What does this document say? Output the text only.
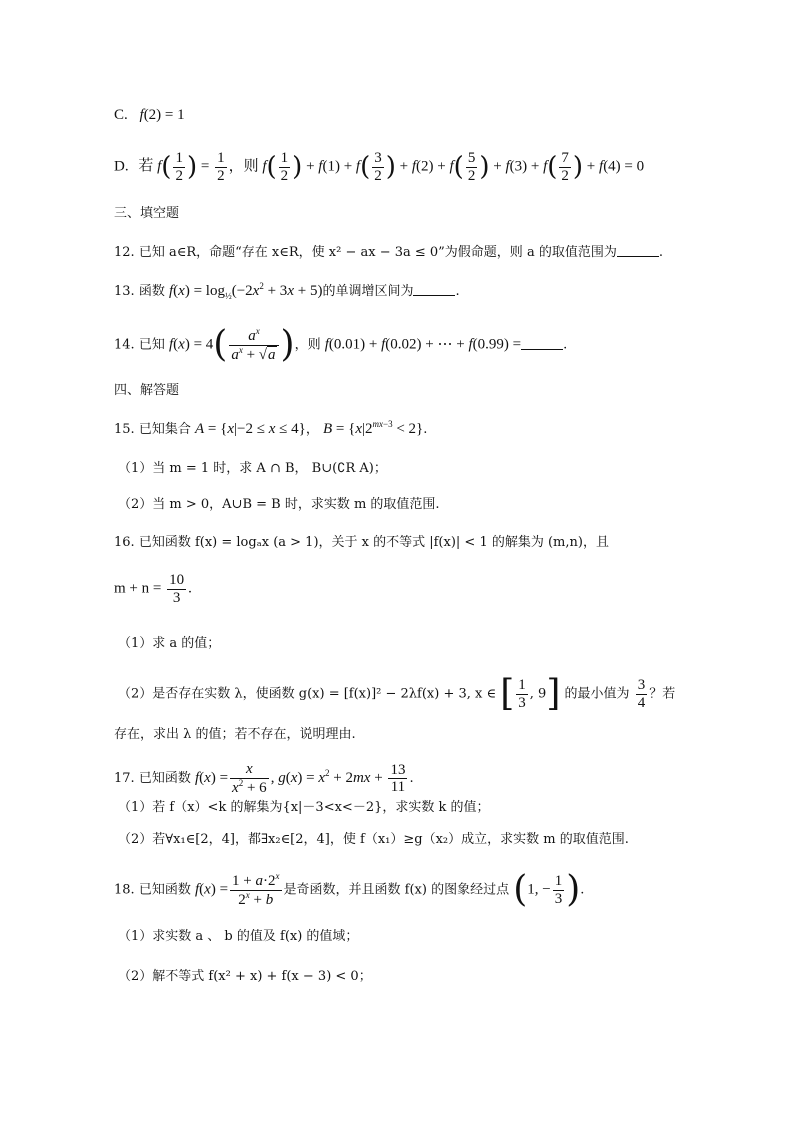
C. f(2) = 1
D. 若 $f( \frac{1}{2}$ ) = $\frac{1}{2}$ ，则 $f( \frac{1}{2}$ ) + $f(1) + f( \frac{3}{2}$ ) + $f(2) + f( \frac{5}{2}$ ) + $f(3) + f( \frac{7}{2}$ ) + f(4) = 0
三、填空题
12. 已知 a∈R，命题“存在 x∈R，使 x² − ax − 3a ≤ 0”为假命题，则 a 的取值范围为	.
13. 函数 $f(x) = \log_{\frac{1}{2}}(-2x^2 + 3x + 5)$的单调增区间为	.
14. 已知 $f(x) = 4( \frac{a^x}{a^x + √a}$ )，则 f(0.01) + f(0.02) + ⋯ + f(0.99) =	.
四、解答题
15. 已知集合 A = {x|−2 ≤ x ≤ 4}， $B = \{x|2^{mx-3} < 2\}$.
（1）当 m = 1 时，求 A ∩ B， B∪(∁R A)；
（2）当 m > 0，A∪B = B 时，求实数 m 的取值范围.
16. 已知函数 f(x) = logₐx (a > 1)，关于 x 的不等式 |f(x)| < 1 的解集为 (m,n)，且
$m + n = \frac{10}{3}$ .
（1）求 a 的值；
（2）是否存在实数 λ，使函数 g(x) = [f(x)]² − 2λf(x) + 3, x ∈ [ $\frac{1}{3}$ , 9] 的最小值为 $\frac{3}{4}$ ？若
存在，求出 λ 的值；若不存在，说明理由.
17. 已知函数 $f(x) = \frac{x}{x^2 + 6}$ , $g(x) = x^2 + 2mx + \frac{13}{11}$ .
（1）若 f（x）<k 的解集为{x|－3<x<－2}，求实数 k 的值；
（2）若∀x₁∈[2，4]，都∃x₂∈[2，4]，使 f（x₁）≥g（x₂）成立，求实数 m 的取值范围.
18. 已知函数 $f(x) = \frac{1 + a\cdot 2^x}{2^x + b}$ 是奇函数，并且函数 f(x) 的图象经过点 (1, − $\frac{1}{3}$ ).
（1）求实数 a 、 b 的值及 f(x) 的值域；
（2）解不等式 f(x² + x) + f(x − 3) < 0；
